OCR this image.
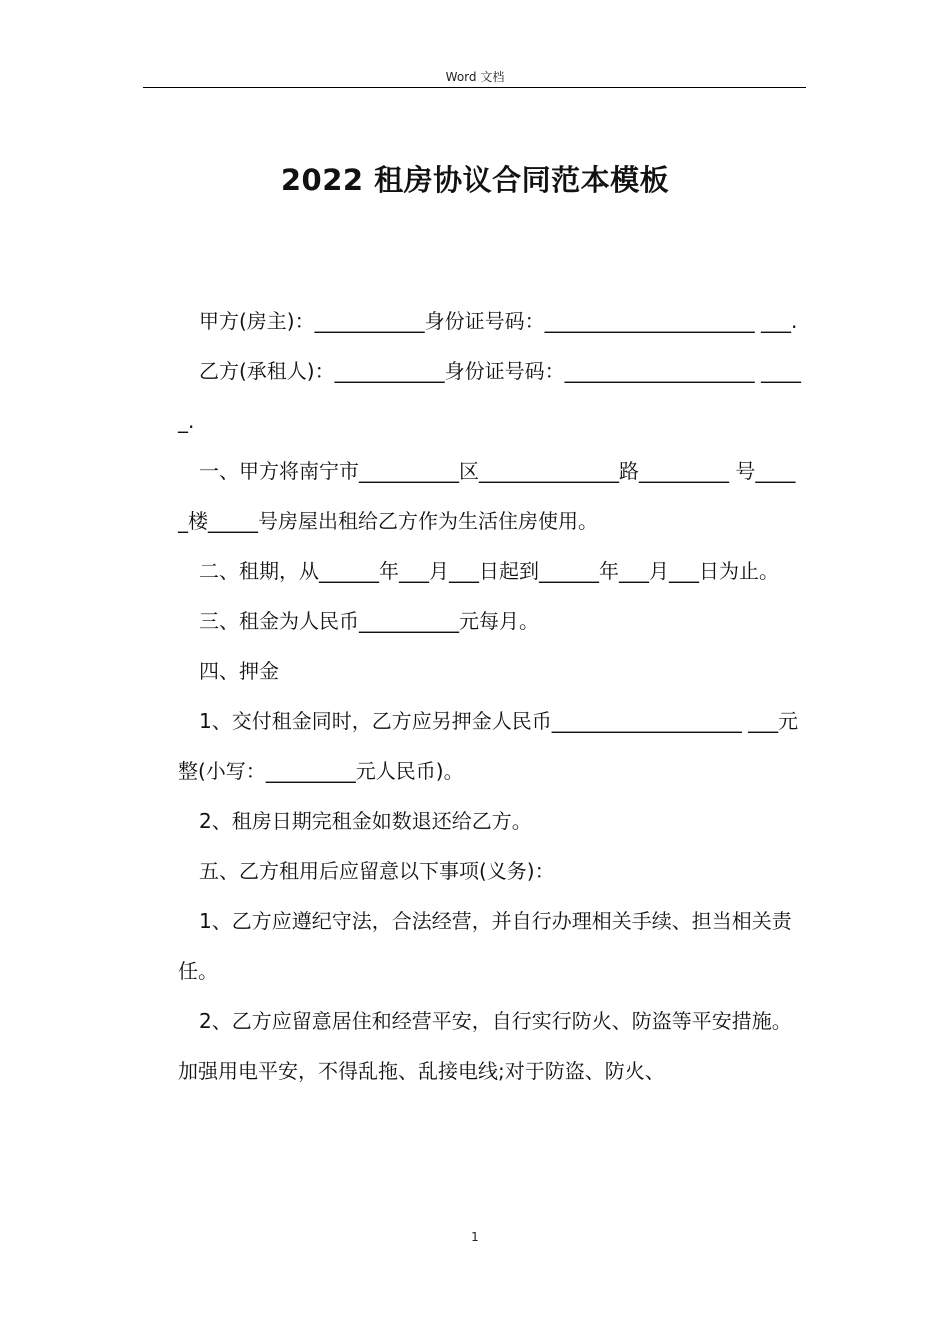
Word 文档
2022 租房协议合同范本模板
甲方(房主)：___________身份证号码：_____________________ ___.
乙方(承租人)：___________身份证号码：___________________ _____.
一、甲方将南宁市__________区______________路_________ 号_____楼_____号房屋出租给乙方作为生活住房使用。
二、租期，从______年___月___日起到______年___月___日为止。
三、租金为人民币__________元每月。
四、押金
1、交付租金同时，乙方应另押金人民币___________________ ___元整(小写：_________元人民币)。
2、租房日期完租金如数退还给乙方。
五、乙方租用后应留意以下事项(义务)：
1、乙方应遵纪守法，合法经营，并自行办理相关手续、担当相关责任。
2、乙方应留意居住和经营平安，自行实行防火、防盗等平安措施。加强用电平安，不得乱拖、乱接电线;对于防盗、防火、
1
